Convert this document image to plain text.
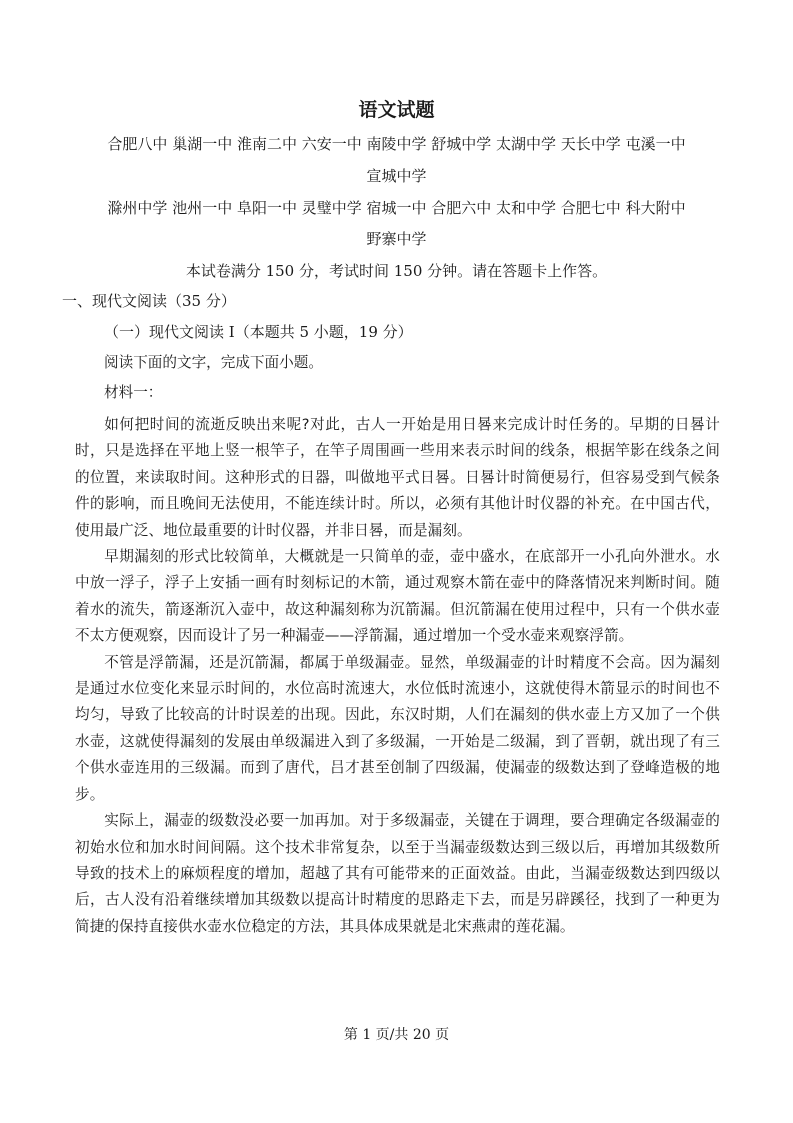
语文试题
合肥八中 巢湖一中 淮南二中 六安一中 南陵中学 舒城中学 太湖中学 天长中学 屯溪一中
宣城中学
滁州中学 池州一中 阜阳一中 灵璧中学 宿城一中 合肥六中 太和中学 合肥七中 科大附中
野寨中学
本试卷满分 150 分，考试时间 150 分钟。请在答题卡上作答。
一、现代文阅读（35 分）
（一）现代文阅读 I（本题共 5 小题，19 分）
阅读下面的文字，完成下面小题。
材料一：

如何把时间的流逝反映出来呢?对此，古人一开始是用日晷来完成计时任务的。早期的日晷计时，只是选择在平地上竖一根竿子，在竿子周围画一些用来表示时间的线条，根据竿影在线条之间的位置，来读取时间。这种形式的日器，叫做地平式日晷。日晷计时简便易行，但容易受到气候条件的影响，而且晚间无法使用，不能连续计时。所以，必须有其他计时仪器的补充。在中国古代，使用最广泛、地位最重要的计时仪器，并非日晷，而是漏刻。

早期漏刻的形式比较简单，大概就是一只简单的壶，壶中盛水，在底部开一小孔向外泄水。水中放一浮子，浮子上安插一画有时刻标记的木箭，通过观察木箭在壶中的降落情况来判断时间。随着水的流失，箭逐渐沉入壶中，故这种漏刻称为沉箭漏。但沉箭漏在使用过程中，只有一个供水壶不太方便观察，因而设计了另一种漏壶——浮箭漏，通过增加一个受水壶来观察浮箭。

不管是浮箭漏，还是沉箭漏，都属于单级漏壶。显然，单级漏壶的计时精度不会高。因为漏刻是通过水位变化来显示时间的，水位高时流速大，水位低时流速小，这就使得木箭显示的时间也不均匀，导致了比较高的计时误差的出现。因此，东汉时期，人们在漏刻的供水壶上方又加了一个供水壶，这就使得漏刻的发展由单级漏进入到了多级漏，一开始是二级漏，到了晋朝，就出现了有三个供水壶连用的三级漏。而到了唐代，吕才甚至创制了四级漏，使漏壶的级数达到了登峰造极的地步。

实际上，漏壶的级数没必要一加再加。对于多级漏壶，关键在于调理，要合理确定各级漏壶的初始水位和加水时间间隔。这个技术非常复杂，以至于当漏壶级数达到三级以后，再增加其级数所导致的技术上的麻烦程度的增加，超越了其有可能带来的正面效益。由此，当漏壶级数达到四级以后，古人没有沿着继续增加其级数以提高计时精度的思路走下去，而是另辟蹊径，找到了一种更为简捷的保持直接供水壶水位稳定的方法，其具体成果就是北宋燕肃的莲花漏。

第 1 页/共 20 页
